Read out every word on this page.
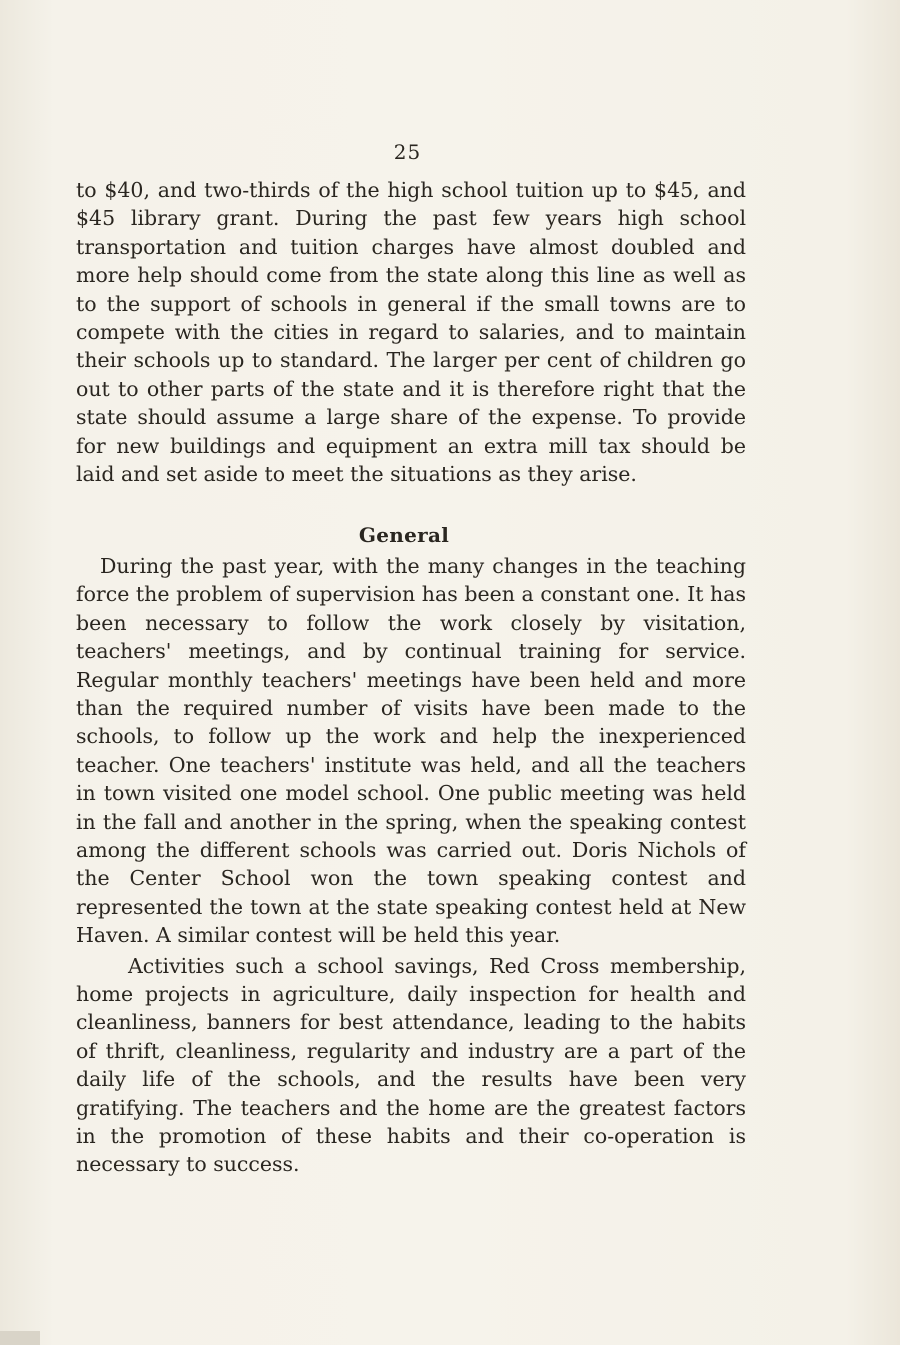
25

to $40, and two-thirds of the high school tuition up to $45, and $45 library grant. During the past few years high school transportation and tuition charges have almost doubled and more help should come from the state along this line as well as to the support of schools in general if the small towns are to compete with the cities in regard to salaries, and to maintain their schools up to standard. The larger per cent of children go out to other parts of the state and it is therefore right that the state should assume a large share of the expense. To provide for new buildings and equipment an extra mill tax should be laid and set aside to meet the situations as they arise.

General

During the past year, with the many changes in the teaching force the problem of supervision has been a constant one. It has been necessary to follow the work closely by visitation, teachers' meetings, and by continual training for service. Regular monthly teachers' meetings have been held and more than the required number of visits have been made to the schools, to follow up the work and help the inexperienced teacher. One teachers' institute was held, and all the teachers in town visited one model school. One public meeting was held in the fall and another in the spring, when the speaking contest among the different schools was carried out. Doris Nichols of the Center School won the town speaking contest and represented the town at the state speaking contest held at New Haven. A similar contest will be held this year.

Activities such a school savings, Red Cross membership, home projects in agriculture, daily inspection for health and cleanliness, banners for best attendance, leading to the habits of thrift, cleanliness, regularity and industry are a part of the daily life of the schools, and the results have been very gratifying. The teachers and the home are the greatest factors in the promotion of these habits and their co-operation is necessary to success.
